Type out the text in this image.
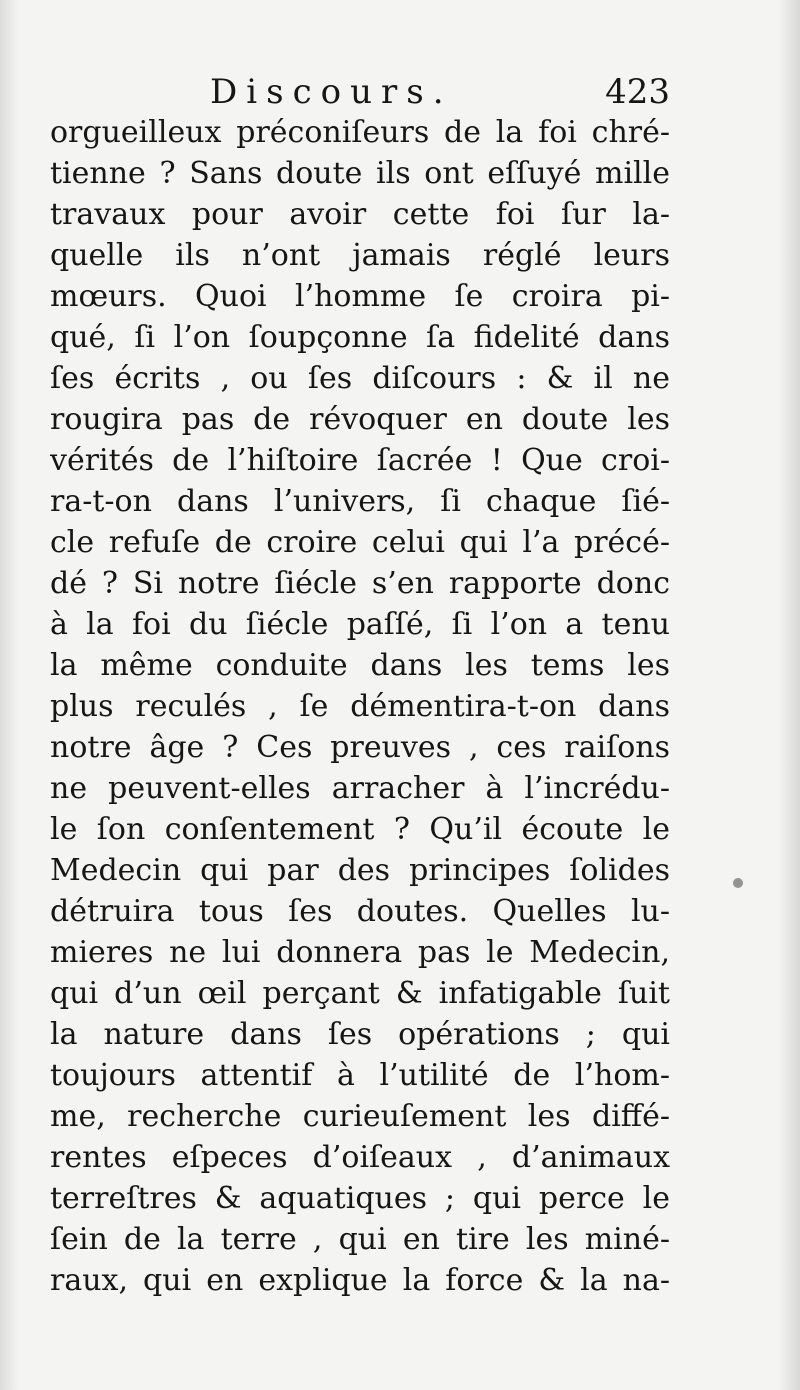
Discours.	423
orgueilleux préconiſeurs de la foi chré-
tienne ? Sans doute ils ont eſſuyé mille
travaux pour avoir cette foi ſur la-
quelle ils n’ont jamais réglé leurs
mœurs. Quoi l’homme ſe croira pi-
qué, ſi l’on ſoupçonne ſa fidelité dans
ſes écrits , ou ſes diſcours : & il ne
rougira pas de révoquer en doute les
vérités de l’hiſtoire ſacrée ! Que croi-
ra-t-on dans l’univers, ſi chaque ſié-
cle refuſe de croire celui qui l’a précé-
dé ? Si notre ſiécle s’en rapporte donc
à la foi du ſiécle paſſé, ſi l’on a tenu
la même conduite dans les tems les
plus reculés , ſe démentira-t-on dans
notre âge ? Ces preuves , ces raiſons
ne peuvent-elles arracher à l’incrédu-
le ſon conſentement ? Qu’il écoute le
Medecin qui par des principes ſolides
détruira tous ſes doutes. Quelles lu-
mieres ne lui donnera pas le Medecin,
qui d’un œil perçant & infatigable ſuit
la nature dans ſes opérations ; qui
toujours attentif à l’utilité de l’hom-
me, recherche curieuſement les diffé-
rentes eſpeces d’oiſeaux , d’animaux
terreſtres & aquatiques ; qui perce le
ſein de la terre , qui en tire les miné-
raux, qui en explique la force & la na-
